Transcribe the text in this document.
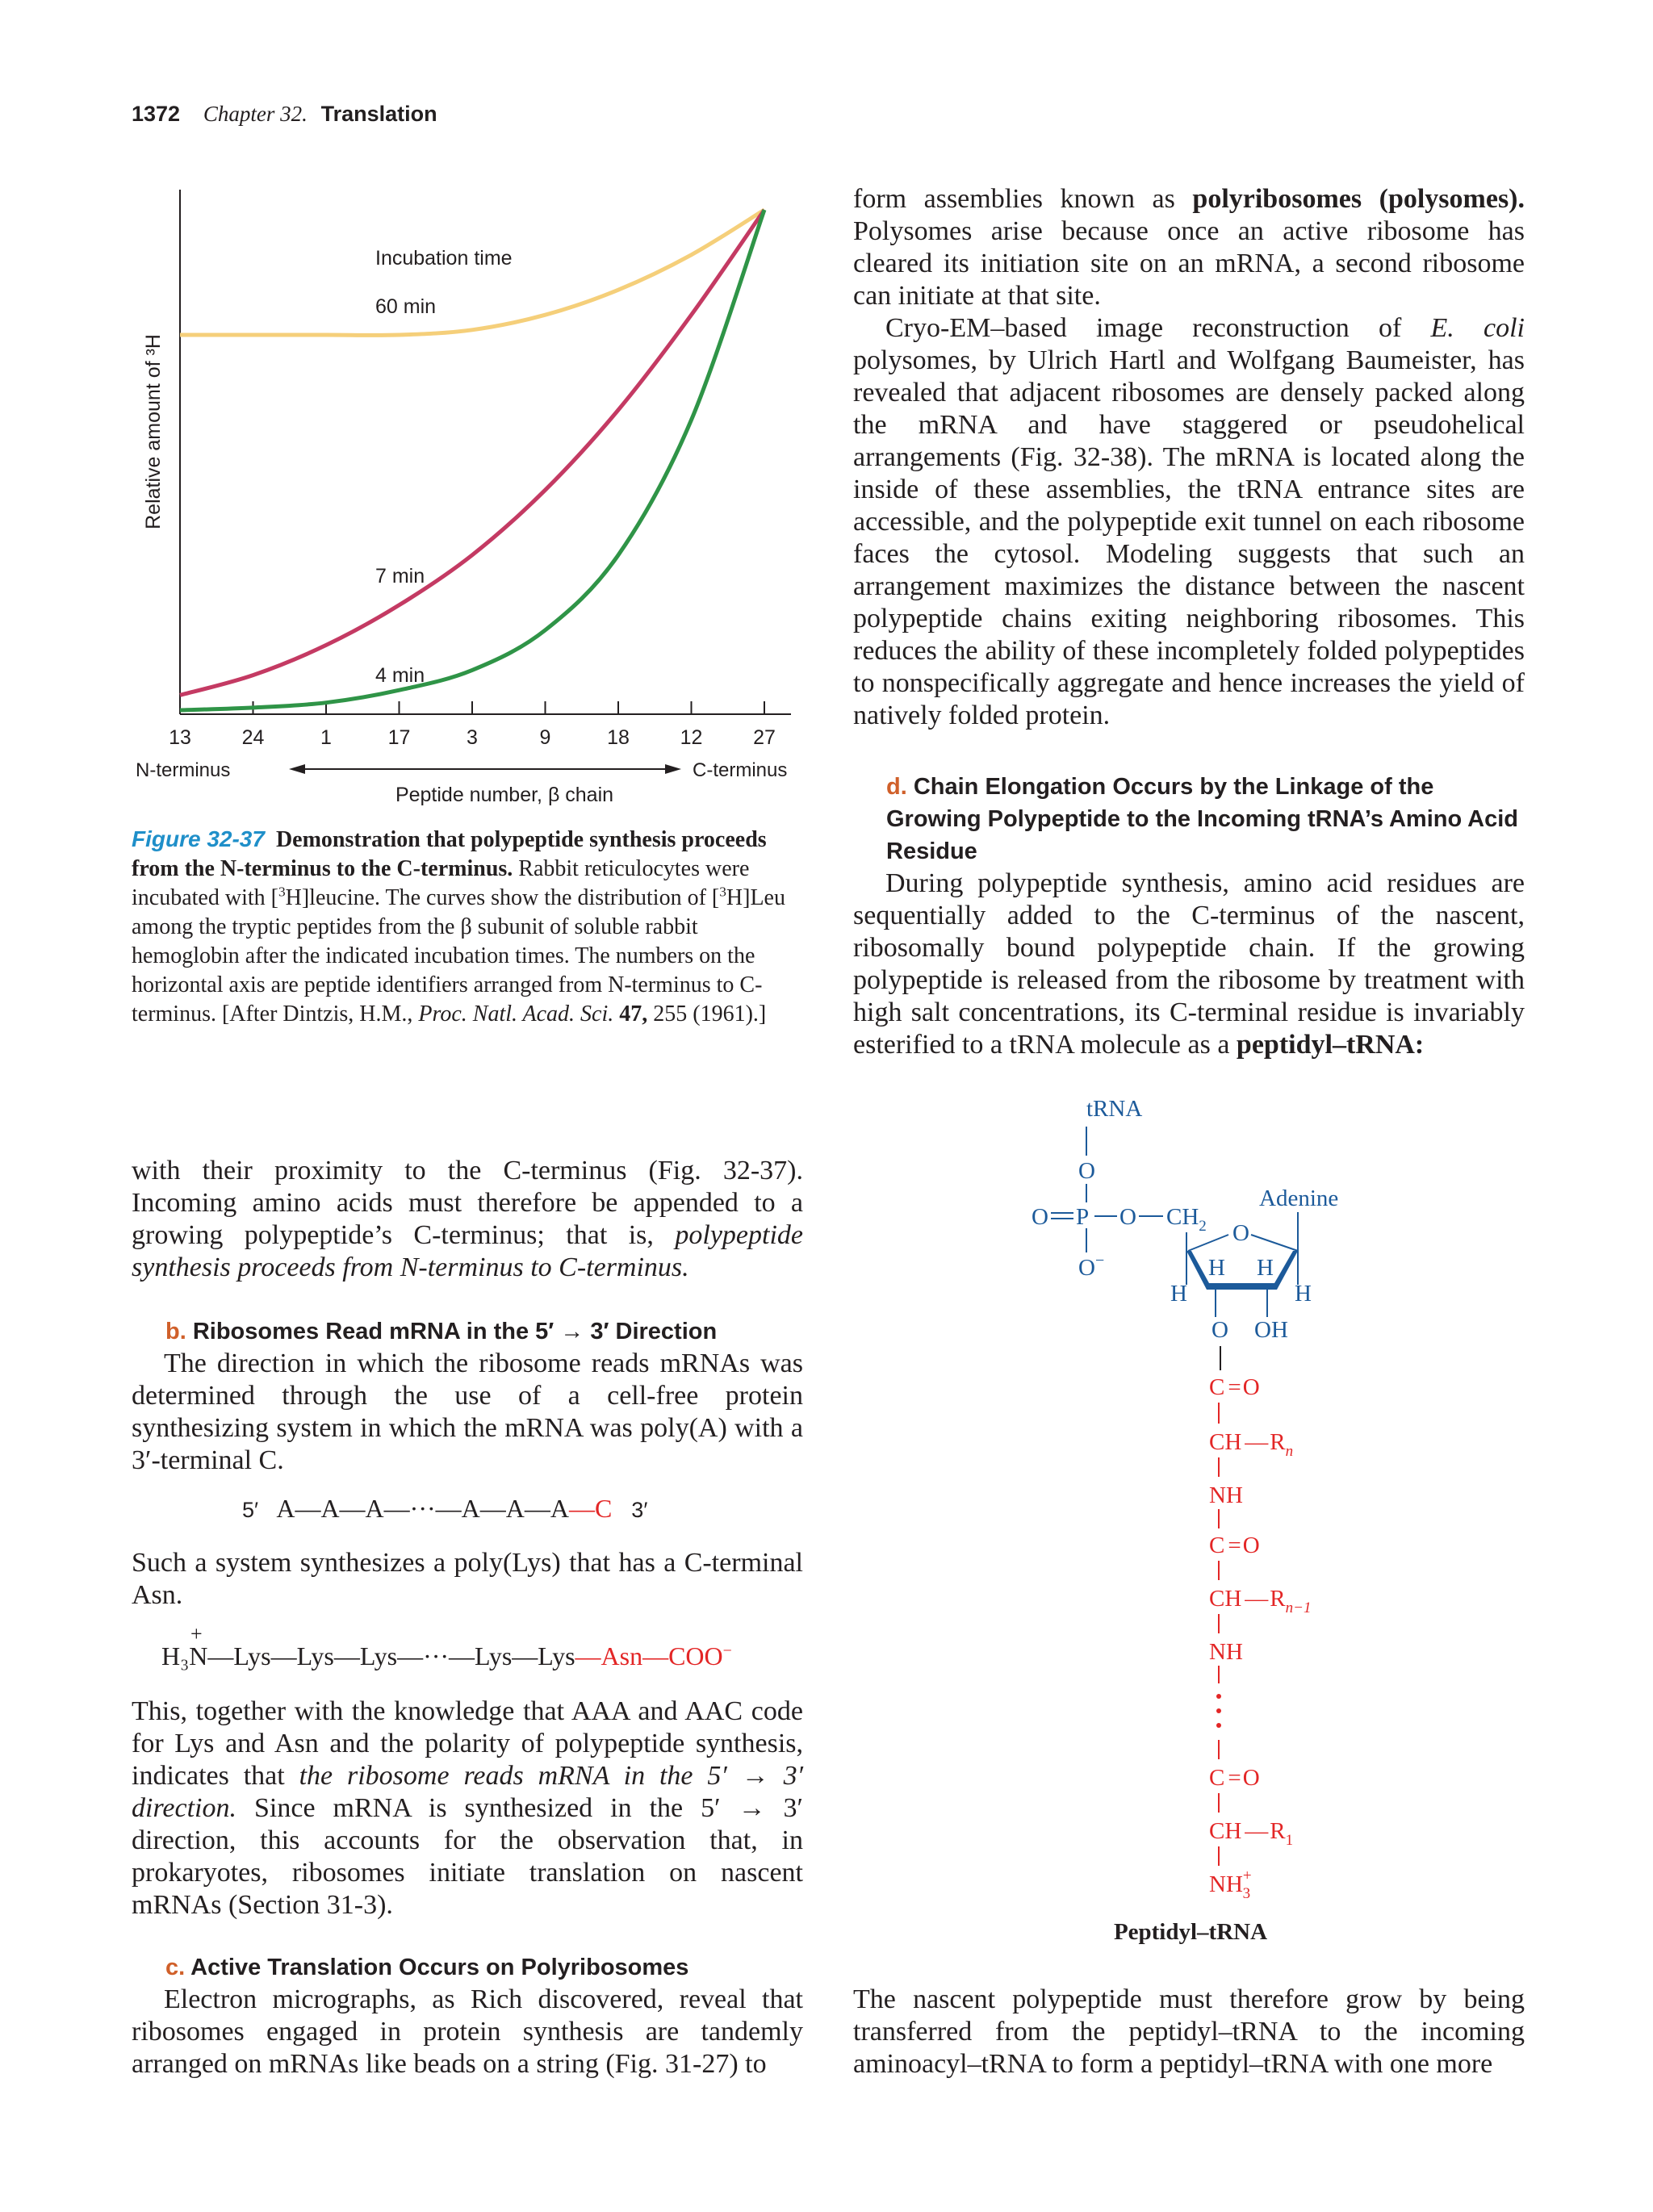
1372 Chapter 32. Translation
Relative amount of ³H
13	24	1	17	3	9	18	12	27
Incubation time
60 min
7 min
4 min
N-terminus	C-terminus
Peptide number, β chain
Figure 32-37 Demonstration that polypeptide synthesis proceeds from the N-terminus to the C-terminus. Rabbit reticulocytes were incubated with [$^3$H]leucine. The curves show the distribution of [$^3$H]Leu among the tryptic peptides from the β subunit of soluble rabbit hemoglobin after the indicated incubation times. The numbers on the horizontal axis are peptide identifiers arranged from N-terminus to C-terminus. [After Dintzis, H.M., Proc. Natl. Acad. Sci. 47, 255 (1961).]

with their proximity to the C-terminus (Fig. 32-37). Incoming amino acids must therefore be appended to a growing polypeptide’s C-terminus; that is, polypeptide synthesis proceeds from N-terminus to C-terminus.

b. Ribosomes Read mRNA in the 5′ → 3′ Direction

The direction in which the ribosome reads mRNAs was determined through the use of a cell-free protein synthesizing system in which the mRNA was poly(A) with a 3′-terminal C.

5′ A—A—A—···—A—A—A—C 3′

Such a system synthesizes a poly(Lys) that has a C-terminal Asn.

+
H₃N—Lys—Lys—Lys—···—Lys—Lys—Asn—COO−

This, together with the knowledge that AAA and AAC code for Lys and Asn and the polarity of polypeptide synthesis, indicates that the ribosome reads mRNA in the 5′ → 3′ direction. Since mRNA is synthesized in the 5′ → 3′ direction, this accounts for the observation that, in prokaryotes, ribosomes initiate translation on nascent mRNAs (Section 31-3).

c. Active Translation Occurs on Polyribosomes

Electron micrographs, as Rich discovered, reveal that ribosomes engaged in protein synthesis are tandemly arranged on mRNAs like beads on a string (Fig. 31-27) to

form assemblies known as polyribosomes (polysomes). Polysomes arise because once an active ribosome has cleared its initiation site on an mRNA, a second ribosome can initiate at that site.

Cryo-EM–based image reconstruction of E. coli polysomes, by Ulrich Hartl and Wolfgang Baumeister, has revealed that adjacent ribosomes are densely packed along the mRNA and have staggered or pseudohelical arrangements (Fig. 32-38). The mRNA is located along the inside of these assemblies, the tRNA entrance sites are accessible, and the polypeptide exit tunnel on each ribosome faces the cytosol. Modeling suggests that such an arrangement maximizes the distance between the nascent polypeptide chains exiting neighboring ribosomes. This reduces the ability of these incompletely folded polypeptides to nonspecifically aggregate and hence increases the yield of natively folded protein.

d. Chain Elongation Occurs by the Linkage of the Growing Polypeptide to the Incoming tRNA’s Amino Acid Residue

During polypeptide synthesis, amino acid residues are sequentially added to the C-terminus of the nascent, ribosomally bound polypeptide chain. If the growing polypeptide is released from the ribosome by treatment with high salt concentrations, its C-terminal residue is invariably esterified to a tRNA molecule as a peptidyl–tRNA:

tRNA
O
O P O $CH_2$
O−
Adenine
O
H H
H	H
O OH
C =O
CH $—R_n$
NH
C =O
CH $—R_{n-1}$
NH
C =O
CH $—R_1$
NH+ 3
Peptidyl–tRNA

The nascent polypeptide must therefore grow by being transferred from the peptidyl–tRNA to the incoming aminoacyl–tRNA to form a peptidyl–tRNA with one more
